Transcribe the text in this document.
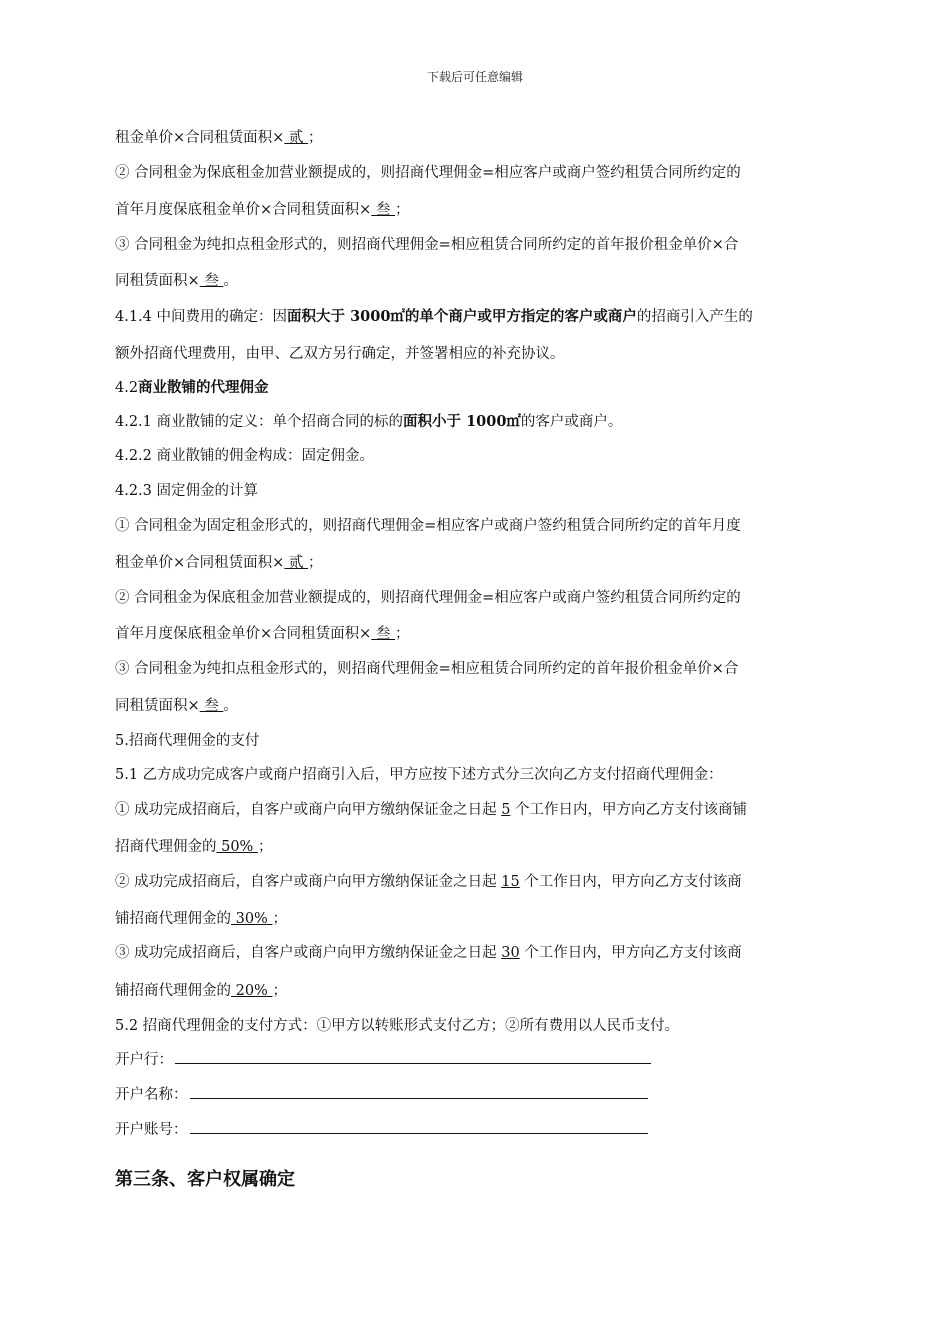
下载后可任意编辑
租金单价×合同租赁面积× 贰 ；
② 合同租金为保底租金加营业额提成的，则招商代理佣金=相应客户或商户签约租赁合同所约定的
首年月度保底租金单价×合同租赁面积× 叁 ；
③ 合同租金为纯扣点租金形式的，则招商代理佣金=相应租赁合同所约定的首年报价租金单价×合
同租赁面积× 叁 。
4.1.4 中间费用的确定：因面积大于 3000㎡的单个商户或甲方指定的客户或商户的招商引入产生的
额外招商代理费用，由甲、乙双方另行确定，并签署相应的补充协议。
4.2商业散铺的代理佣金
4.2.1 商业散铺的定义：单个招商合同的标的面积小于 1000㎡的客户或商户。
4.2.2 商业散铺的佣金构成：固定佣金。
4.2.3 固定佣金的计算
① 合同租金为固定租金形式的，则招商代理佣金=相应客户或商户签约租赁合同所约定的首年月度
租金单价×合同租赁面积× 贰 ；
② 合同租金为保底租金加营业额提成的，则招商代理佣金=相应客户或商户签约租赁合同所约定的
首年月度保底租金单价×合同租赁面积× 叁 ；
③ 合同租金为纯扣点租金形式的，则招商代理佣金=相应租赁合同所约定的首年报价租金单价×合
同租赁面积× 叁 。
5.招商代理佣金的支付
5.1 乙方成功完成客户或商户招商引入后，甲方应按下述方式分三次向乙方支付招商代理佣金：
① 成功完成招商后，自客户或商户向甲方缴纳保证金之日起 5 个工作日内，甲方向乙方支付该商铺
招商代理佣金的 50% ；
② 成功完成招商后，自客户或商户向甲方缴纳保证金之日起 15 个工作日内，甲方向乙方支付该商
铺招商代理佣金的 30% ；
③ 成功完成招商后，自客户或商户向甲方缴纳保证金之日起 30 个工作日内，甲方向乙方支付该商
铺招商代理佣金的 20% ；
5.2 招商代理佣金的支付方式：①甲方以转账形式支付乙方；②所有费用以人民币支付。
开户行：
开户名称：
开户账号：
第三条、客户权属确定
